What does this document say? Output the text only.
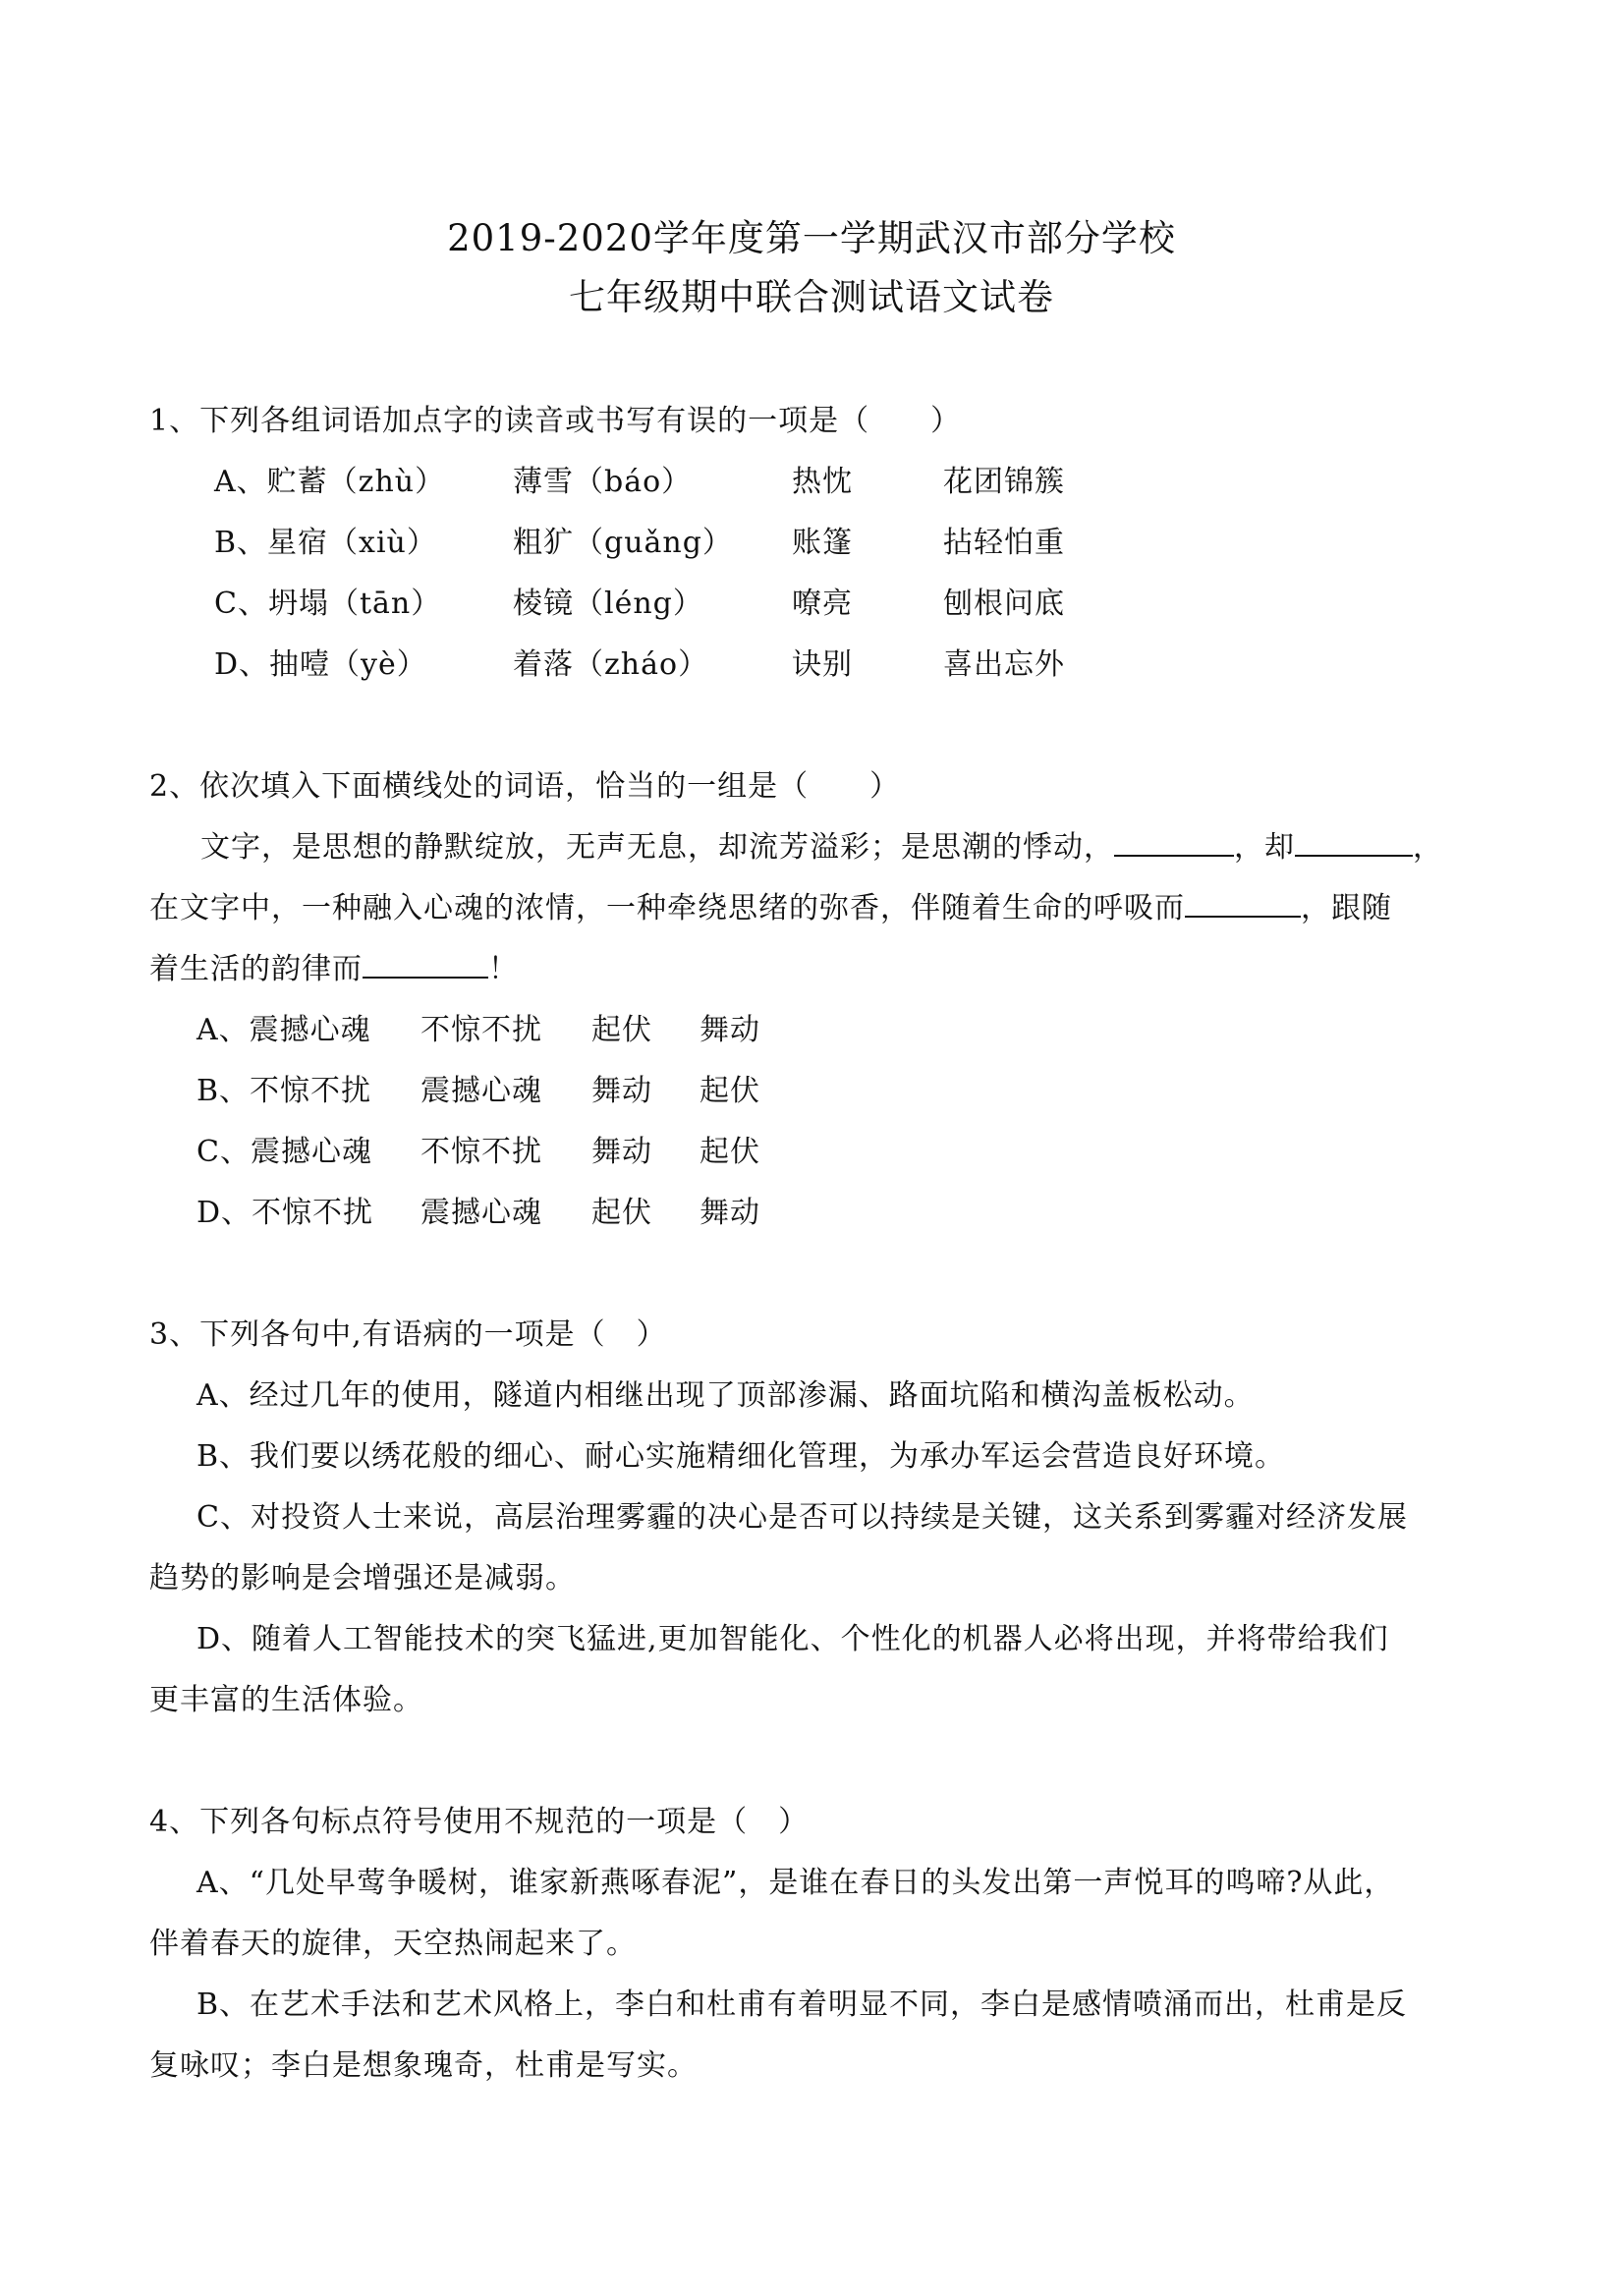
2019-2020学年度第一学期武汉市部分学校
七年级期中联合测试语文试卷
1、下列各组词语加点字的读音或书写有误的一项是（　　）
A、贮蓄（zhù） 薄雪（báo）	热忱	花团锦簇
B、星宿（xiù）	粗犷（guǎng） 账篷	拈轻怕重
C、坍塌（tān） 棱镜（léng）	嘹亮	刨根问底
D、抽噎（yè）	着落（zháo）	诀别	喜出忘外
2、依次填入下面横线处的词语，恰当的一组是（　　）
文字，是思想的静默绽放，无声无息，却流芳溢彩；是思潮的悸动，	，却	，
在文字中，一种融入心魂的浓情，一种牵绕思绪的弥香，伴随着生命的呼吸而	，跟随
着生活的韵律而	！
A、震撼心魂 不惊不扰 起伏 舞动
B、不惊不扰 震撼心魂 舞动 起伏
C、震撼心魂 不惊不扰 舞动 起伏
D、不惊不扰 震撼心魂 起伏 舞动
3、下列各句中,有语病的一项是（　）
A、经过几年的使用，隧道内相继出现了顶部渗漏、路面坑陷和横沟盖板松动。
B、我们要以绣花般的细心、耐心实施精细化管理，为承办军运会营造良好环境。
C、对投资人士来说，高层治理雾霾的决心是否可以持续是关键，这关系到雾霾对经济发展
趋势的影响是会增强还是减弱。
D、随着人工智能技术的突飞猛进,更加智能化、个性化的机器人必将出现，并将带给我们
更丰富的生活体验。
4、下列各句标点符号使用不规范的一项是（　）
A、“几处早莺争暖树，谁家新燕啄春泥”，是谁在春日的头发出第一声悦耳的鸣啼?从此，
伴着春天的旋律，天空热闹起来了。
B、在艺术手法和艺术风格上，李白和杜甫有着明显不同，李白是感情喷涌而出，杜甫是反
复咏叹；李白是想象瑰奇，杜甫是写实。
